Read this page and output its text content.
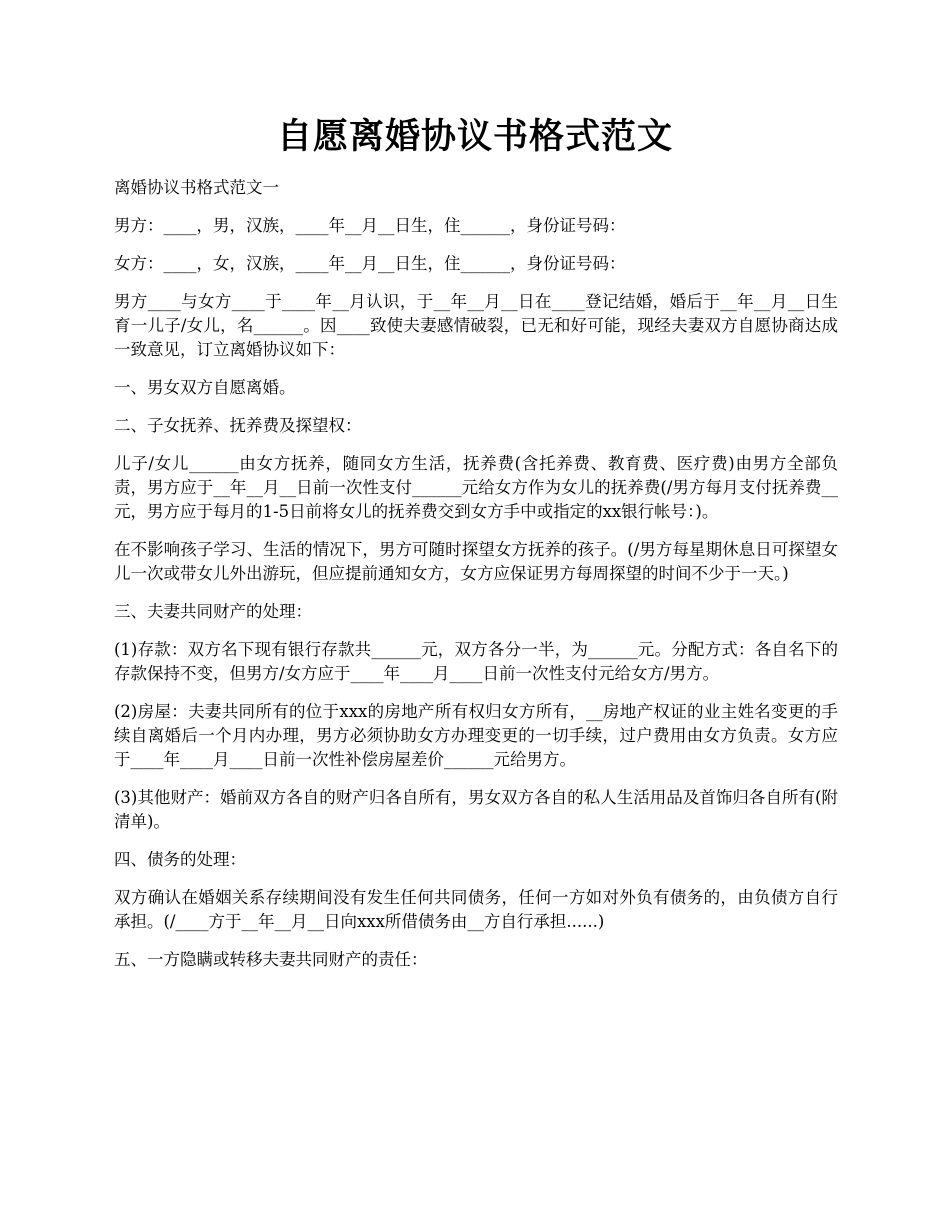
自愿离婚协议书格式范文

离婚协议书格式范文一

男方：____，男，汉族，____年__月__日生，住______，身份证号码：

女方：____，女，汉族，____年__月__日生，住______，身份证号码：

男方____与女方____于____年__月认识，于__年__月__日在____登记结婚，婚后于__年__月__日生育一儿子/女儿，名______。因____致使夫妻感情破裂，已无和好可能，现经夫妻双方自愿协商达成一致意见，订立离婚协议如下：

一、男女双方自愿离婚。

二、子女抚养、抚养费及探望权：

儿子/女儿______由女方抚养，随同女方生活，抚养费(含托养费、教育费、医疗费)由男方全部负责，男方应于__年__月__日前一次性支付______元给女方作为女儿的抚养费(/男方每月支付抚养费__元，男方应于每月的1-5日前将女儿的抚养费交到女方手中或指定的xx银行帐号：)。

在不影响孩子学习、生活的情况下，男方可随时探望女方抚养的孩子。(/男方每星期休息日可探望女儿一次或带女儿外出游玩，但应提前通知女方，女方应保证男方每周探望的时间不少于一天。)

三、夫妻共同财产的处理：

(1)存款：双方名下现有银行存款共______元，双方各分一半，为______元。分配方式：各自名下的存款保持不变，但男方/女方应于____年____月____日前一次性支付元给女方/男方。

(2)房屋：夫妻共同所有的位于xxx的房地产所有权归女方所有，__房地产权证的业主姓名变更的手续自离婚后一个月内办理，男方必须协助女方办理变更的一切手续，过户费用由女方负责。女方应于____年____月____日前一次性补偿房屋差价______元给男方。

(3)其他财产：婚前双方各自的财产归各自所有，男女双方各自的私人生活用品及首饰归各自所有(附清单)。

四、债务的处理：

双方确认在婚姻关系存续期间没有发生任何共同债务，任何一方如对外负有债务的，由负债方自行承担。(/____方于__年__月__日向xxx所借债务由__方自行承担......)

五、一方隐瞒或转移夫妻共同财产的责任：
